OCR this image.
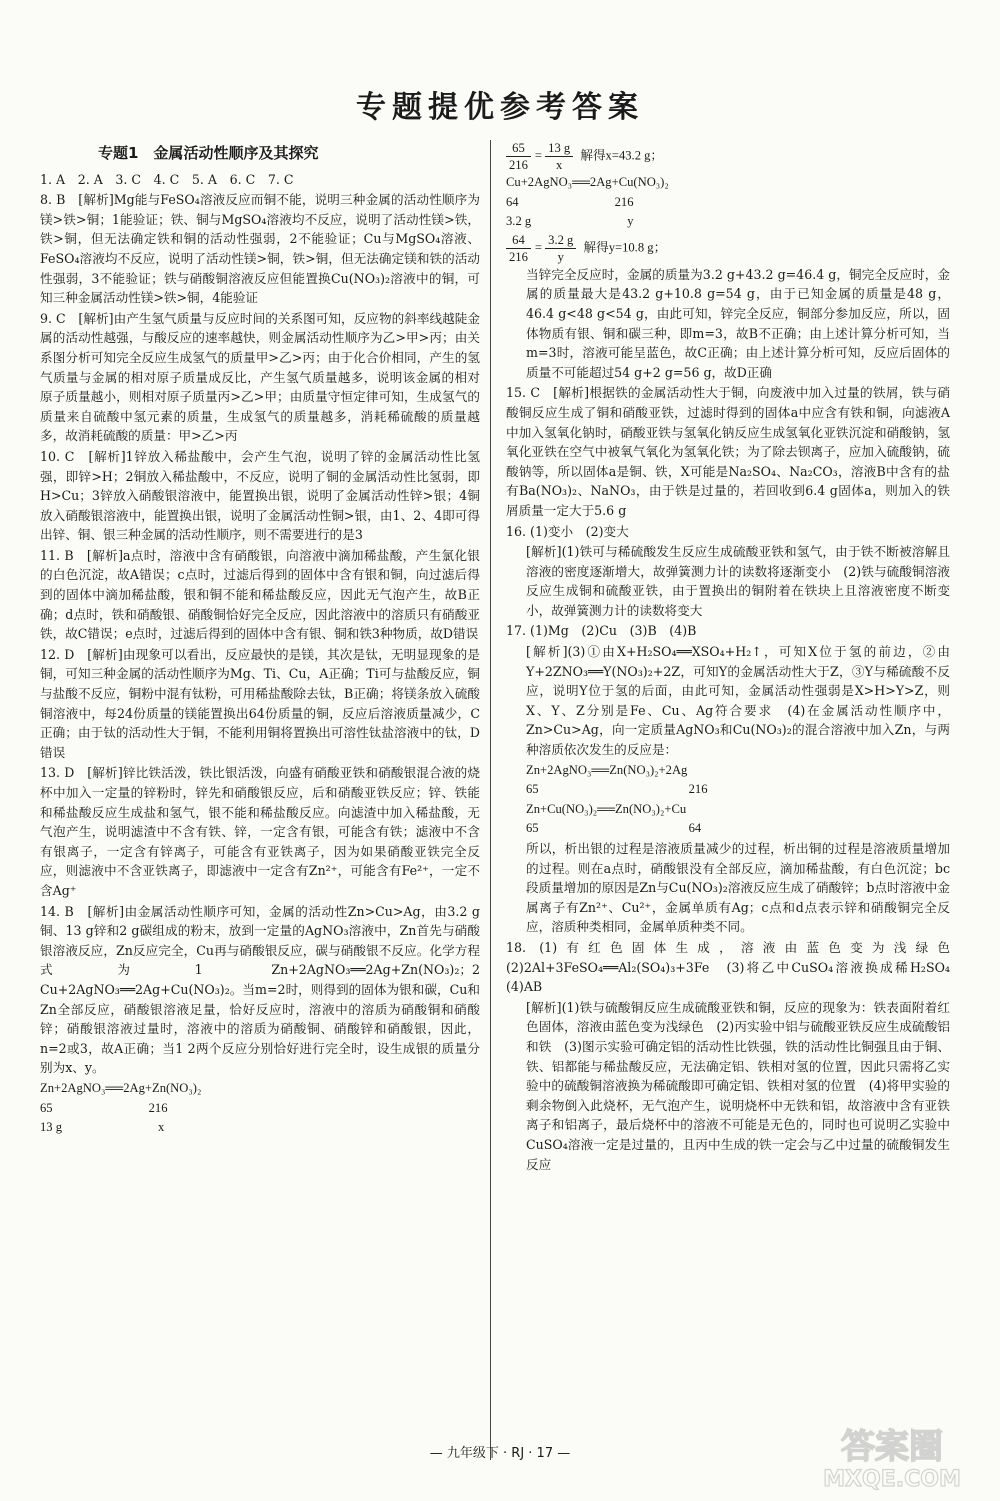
专题提优参考答案
专题1　金属活动性顺序及其探究

1. A　2. A　3. C　4. C　5. A　6. C　7. C

8. B　[解析]Mg能与FeSO₄溶液反应而铜不能，说明三种金属的活动性顺序为镁>铁>铜；1能验证；铁、铜与MgSO₄溶液均不反应，说明了活动性镁>铁，铁>铜，但无法确定铁和铜的活动性强弱，2不能验证；Cu与MgSO₄溶液、FeSO₄溶液均不反应，说明了活动性镁>铜，铁>铜，但无法确定镁和铁的活动性强弱，3不能验证；铁与硝酸铜溶液反应但能置换Cu(NO₃)₂溶液中的铜，可知三种金属活动性镁>铁>铜，4能验证

9. C　[解析]由产生氢气质量与反应时间的关系图可知，反应物的斜率线越陡金属的活动性越强，与酸反应的速率越快，则金属活动性顺序为乙>甲>丙；由关系图分析可知完全反应生成氢气的质量甲>乙>丙；由于化合价相同，产生的氢气质量与金属的相对原子质量成反比，产生氢气质量越多，说明该金属的相对原子质量越小，则相对原子质量丙>乙>甲；由质量守恒定律可知，生成氢气的质量来自硫酸中氢元素的质量，生成氢气的质量越多，消耗稀硫酸的质量越多，故消耗硫酸的质量：甲>乙>丙

10. C　[解析]1锌放入稀盐酸中，会产生气泡，说明了锌的金属活动性比氢强，即锌>H；2铜放入稀盐酸中，不反应，说明了铜的金属活动性比氢弱，即H>Cu；3锌放入硝酸银溶液中，能置换出银，说明了金属活动性锌>银；4铜放入硝酸银溶液中，能置换出银，说明了金属活动性铜>银，由1、2、4即可得出锌、铜、银三种金属的活动性顺序，则不需要进行的是3

11. B　[解析]a点时，溶液中含有硝酸银，向溶液中滴加稀盐酸，产生氯化银的白色沉淀，故A错误；c点时，过滤后得到的固体中含有银和铜，向过滤后得到的固体中滴加稀盐酸，银和铜不能和稀盐酸反应，因此无气泡产生，故B正确；d点时，铁和硝酸银、硝酸铜恰好完全反应，因此溶液中的溶质只有硝酸亚铁，故C错误；e点时，过滤后得到的固体中含有银、铜和铁3种物质，故D错误

12. D　[解析]由现象可以看出，反应最快的是镁，其次是钛，无明显现象的是铜，可知三种金属的活动性顺序为Mg、Ti、Cu，A正确；Ti可与盐酸反应，铜与盐酸不反应，铜粉中混有钛粉，可用稀盐酸除去钛，B正确；将镁条放入硫酸铜溶液中，每24份质量的镁能置换出64份质量的铜，反应后溶液质量减少，C正确；由于钛的活动性大于铜，不能利用铜将置换出可溶性钛盐溶液中的钛，D错误

13. D　[解析]锌比铁活泼，铁比银活泼，向盛有硝酸亚铁和硝酸银混合液的烧杯中加入一定量的锌粉时，锌先和硝酸银反应，后和硝酸亚铁反应；锌、铁能和稀盐酸反应生成盐和氢气，银不能和稀盐酸反应。向滤渣中加入稀盐酸，无气泡产生，说明滤渣中不含有铁、锌，一定含有银，可能含有铁；滤液中不含有银离子，一定含有锌离子，可能含有亚铁离子，因为如果硝酸亚铁完全反应，则滤液中不含亚铁离子，即滤液中一定含有Zn²⁺，可能含有Fe²⁺，一定不含Ag⁺

14. B　[解析]由金属活动性顺序可知，金属的活动性Zn>Cu>Ag，由3.2 g铜、13 g锌和2 g碳组成的粉末，放到一定量的AgNO₃溶液中，Zn首先与硝酸银溶液反应，Zn反应完全，Cu再与硝酸银反应，碳与硝酸银不反应。化学方程式为1 Zn+2AgNO₃══2Ag+Zn(NO₃)₂；2 Cu+2AgNO₃══2Ag+Cu(NO₃)₂。当m=2时，则得到的固体为银和碳，Cu和Zn全部反应，硝酸银溶液足量，恰好反应时，溶液中的溶质为硝酸铜和硝酸锌；硝酸银溶液过量时，溶液中的溶质为硝酸铜、硝酸锌和硝酸银，因此，n=2或3，故A正确；当1 2两个反应分别恰好进行完全时，设生成银的质量分别为x、y。

Zn+2AgNO₃══2Ag+Zn(NO₃)₂

65	216

13 g	x

$\frac{65}{216} = \frac{13 g}{x}$ 解得x=43.2 g；

Cu+2AgNO₃══2Ag+Cu(NO₃)₂

64	216

3.2 g	y

$\frac{64}{216} = \frac{3.2 g}{y}$ 解得y=10.8 g；

当锌完全反应时，金属的质量为3.2 g+43.2 g=46.4 g，铜完全反应时，金属的质量最大是43.2 g+10.8 g=54 g，由于已知金属的质量是48 g，46.4 g<48 g<54 g，由此可知，锌完全反应，铜部分参加反应，所以，固体物质有银、铜和碳三种，即m=3，故B不正确；由上述计算分析可知，当m=3时，溶液可能呈蓝色，故C正确；由上述计算分析可知，反应后固体的质量不可能超过54 g+2 g=56 g，故D正确

15. C　[解析]根据铁的金属活动性大于铜，向废液中加入过量的铁屑，铁与硝酸铜反应生成了铜和硝酸亚铁，过滤时得到的固体a中应含有铁和铜，向滤液A中加入氢氧化钠时，硝酸亚铁与氢氧化钠反应生成氢氧化亚铁沉淀和硝酸钠，氢氧化亚铁在空气中被氧气氧化为氢氧化铁；为了除去钡离子，应加入硫酸钠，硫酸钠等，所以固体a是铜、铁，X可能是Na₂SO₄、Na₂CO₃，溶液B中含有的盐有Ba(NO₃)₂、NaNO₃，由于铁是过量的，若回收到6.4 g固体a，则加入的铁屑质量一定大于5.6 g

16. (1)变小　(2)变大

[解析](1)铁可与稀硫酸发生反应生成硫酸亚铁和氢气，由于铁不断被溶解且溶液的密度逐渐增大，故弹簧测力计的读数将逐渐变小　(2)铁与硫酸铜溶液反应生成铜和硫酸亚铁，由于置换出的铜附着在铁块上且溶液密度不断变小，故弹簧测力计的读数将变大

17. (1)Mg　(2)Cu　(3)B　(4)B

[解析](3)①由X+H₂SO₄══XSO₄+H₂↑，可知X位于氢的前边，②由Y+2ZNO₃══Y(NO₃)₂+2Z，可知Y的金属活动性大于Z，③Y与稀硫酸不反应，说明Y位于氢的后面，由此可知，金属活动性强弱是X>H>Y>Z，则X、Y、Z分别是Fe、Cu、Ag符合要求　(4)在金属活动性顺序中，Zn>Cu>Ag，向一定质量AgNO₃和Cu(NO₃)₂的混合溶液中加入Zn，与两种溶质依次发生的反应是：

Zn+2AgNO₃══Zn(NO₃)₂+2Ag

65	216

Zn+Cu(NO₃)₂══Zn(NO₃)₂+Cu

65	64

所以，析出银的过程是溶液质量减少的过程，析出铜的过程是溶液质量增加的过程。则在a点时，硝酸银没有全部反应，滴加稀盐酸，有白色沉淀；bc段质量增加的原因是Zn与Cu(NO₃)₂溶液反应生成了硝酸锌；b点时溶液中金属离子有Zn²⁺、Cu²⁺，金属单质有Ag；c点和d点表示锌和硝酸铜完全反应，溶质种类相同，金属单质种类不同。

18. (1)有红色固体生成，溶液由蓝色变为浅绿色　(2)2Al+3FeSO₄══Al₂(SO₄)₃+3Fe　(3)将乙中CuSO₄溶液换成稀H₂SO₄　(4)AB

[解析](1)铁与硫酸铜反应生成硫酸亚铁和铜，反应的现象为：铁表面附着红色固体，溶液由蓝色变为浅绿色　(2)丙实验中铝与硫酸亚铁反应生成硫酸铝和铁　(3)图示实验可确定铝的活动性比铁强，铁的活动性比铜强且由于铜、铁、铝都能与稀盐酸反应，无法确定铝、铁相对氢的位置，因此只需将乙实验中的硫酸铜溶液换为稀硫酸即可确定铝、铁相对氢的位置　(4)将甲实验的剩余物倒入此烧杯，无气泡产生，说明烧杯中无铁和铝，故溶液中含有亚铁离子和铝离子，最后烧杯中的溶液不可能是无色的，同时也可说明乙实验中CuSO₄溶液一定是过量的，且丙中生成的铁一定会与乙中过量的硫酸铜发生反应

— 九年级下 · RJ · 17 —	答案圈
MXQE.COM
